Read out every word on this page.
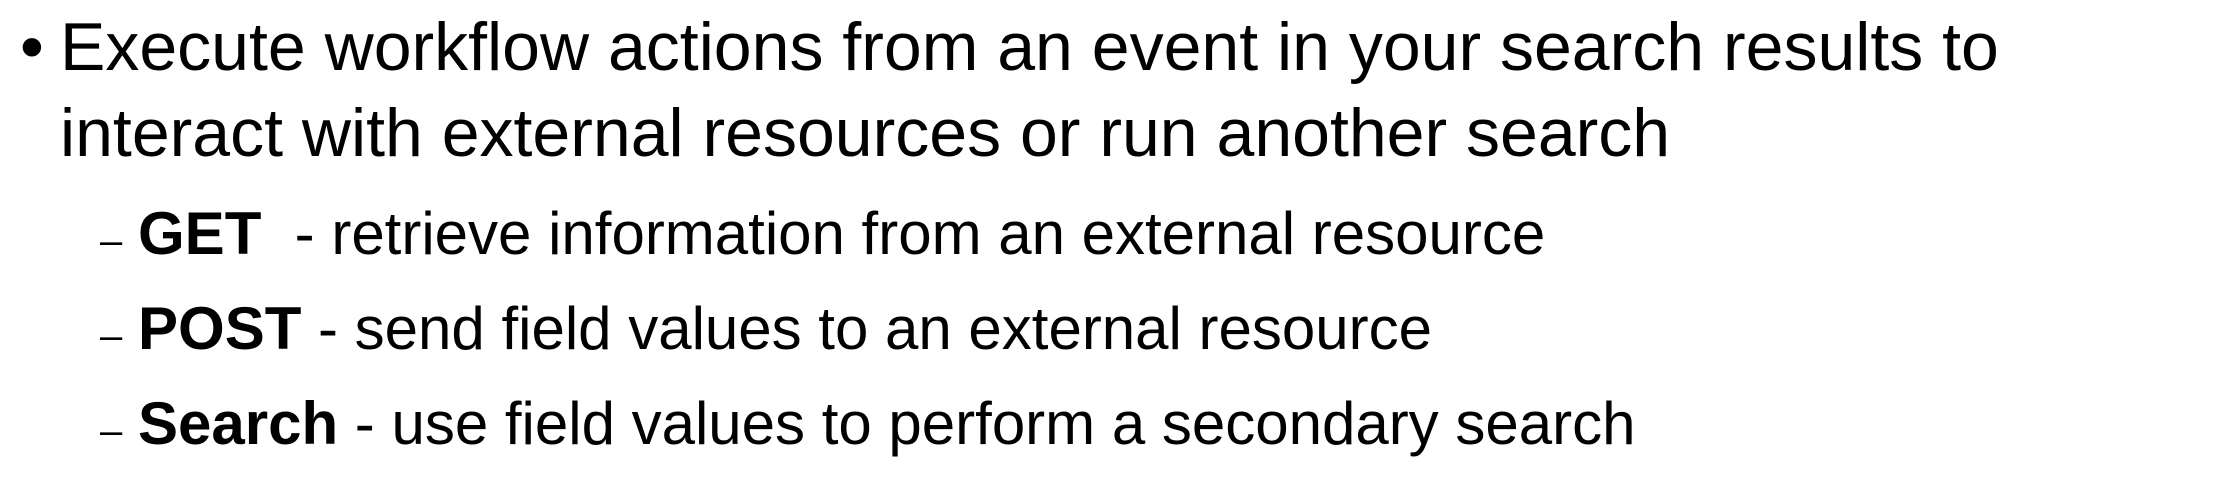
• Execute workflow actions from an event in your search results to interact with external resources or run another search
– GET - retrieve information from an external resource
– POST - send field values to an external resource
– Search - use field values to perform a secondary search
